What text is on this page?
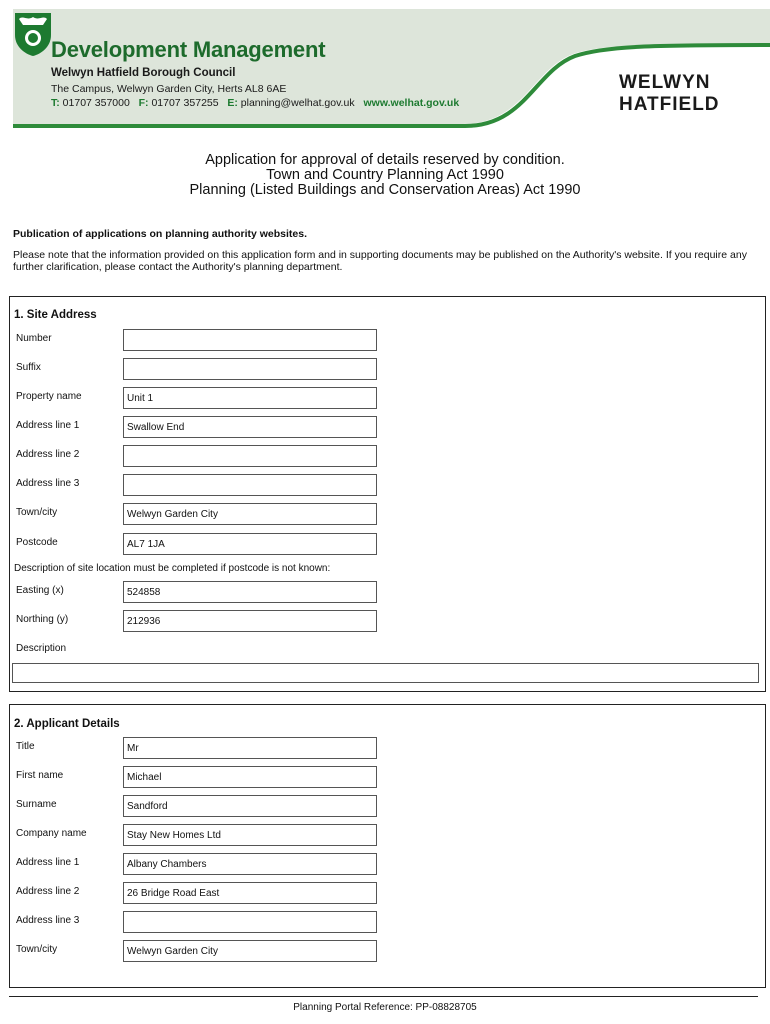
Development Management
Welwyn Hatfield Borough Council
The Campus, Welwyn Garden City, Herts AL8 6AE
T: 01707 357000 F: 01707 357255 E: planning@welhat.gov.uk www.welhat.gov.uk
WELWYN
HATFIELD
Application for approval of details reserved by condition.
Town and Country Planning Act 1990
Planning (Listed Buildings and Conservation Areas) Act 1990
Publication of applications on planning authority websites.
Please note that the information provided on this application form and in supporting documents may be published on the Authority's website. If you require any further clarification, please contact the Authority's planning department.
1. Site Address
Number
Suffix
Property name	Unit 1
Address line 1	Swallow End
Address line 2
Address line 3
Town/city	Welwyn Garden City
Postcode	AL7 1JA
Description of site location must be completed if postcode is not known:
Easting (x)	524858
Northing (y)	212936
Description
2. Applicant Details
Title	Mr
First name	Michael
Surname	Sandford
Company name	Stay New Homes Ltd
Address line 1	Albany Chambers
Address line 2	26 Bridge Road East
Address line 3
Town/city	Welwyn Garden City
Planning Portal Reference: PP-08828705
